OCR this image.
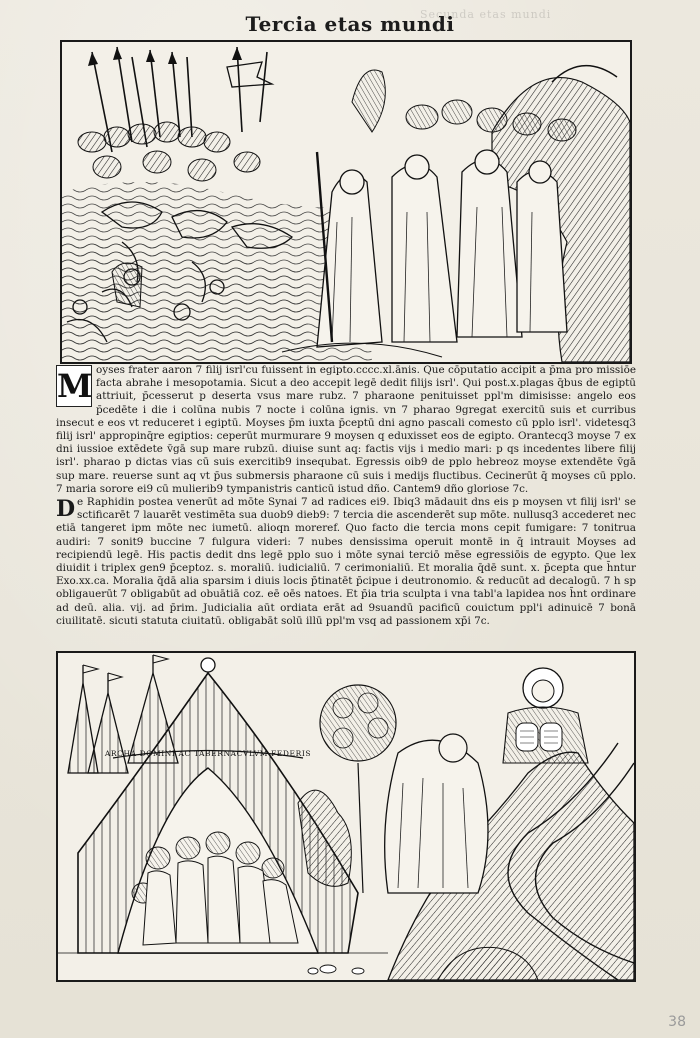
Secunda etas mundi
Tercia etas mundi

M oyses frater aaron 7 filij isrl'cu fuissent in egipto.cccc.xl.ānis. Que cōputatio accipit a p̄ma pro missiōe facta abrahe i mesopotamia. Sicut a deo accepit legē dedit filijs isrl'. Qui post.x.plagas q̄bus de egiptū attriuit, p̄cesserut p deserta vsus mare rubz. 7 pharaone penituisset ppl'm dimisisse: angelo eos p̄cedēte i die i colūna nubis 7 nocte i colūna ignis. vn 7 pharao 9gregat exercitū suis et curribus insecut e eos vt reduceret i egiptū. Moyses p̄m iuxta p̄ceptū dni agno pascali comesto cū pplo isrl'. videtesq3 filij isrl' appropinq̄re egiptios: ceperūt murmurare 9 moysen q eduxisset eos de egipto. Orantecq3 moyse 7 ex dni iussioe extēdete v̄gā sup mare rubzū. diuise sunt aq: factis vijs i medio mari: p qs incedentes libere filij isrl'. pharao p dictas vias cū suis exercitib9 insequbat. Egressis oib9 de pplo hebreoz moyse extendēte v̄gā sup mare. reuerse sunt aq vt p̄us submersis pharaone cū suis i medijs fluctibus. Cecinerūt q̄ moyses cū pplo. 7 maria sorore ei9 cū mulierib9 tympanistris canticū istud dño. Cantem9 dño gloriose 7c.

D e Raphidin postea venerūt ad mōte Synai 7 ad radices ei9. Ibiq3 mādauit dns eis p moysen vt filij isrl' se sctificarēt 7 lauarēt vestimēta sua duob9 dieb9: 7 tercia die ascenderēt sup mōte. nullusq3 accederet nec etiā tangeret ipm mōte nec iumetū. alioqn moreref. Quo facto die tercia mons cepit fumigare: 7 tonitrua audiri: 7 sonit9 buccine 7 fulgura videri: 7 nubes densissima operuit montē in q̄ intrauit Moyses ad recipiendū legē. His pactis dedit dns legē pplo suo i mōte synai terciō mēse egressiōis de egypto. Que lex diuidit i triplex gen9 p̄ceptoz. s. moraliū. iudicialiū. 7 cerimonialiū. Et moralia q̄dē sunt. x. p̄cepta que h̄ntur Exo.xx.ca. Moralia q̄dā alia sparsim i diuis locis p̄tinatēt p̄cipue i deutronomio. & reducūt ad decalogū. 7 h sp obligauerūt 7 obligabūt ad obuātiā coz. eē oēs natoes. Et p̄ia tria sculpta i vna tabl'a lapidea nos h̄nt ordinare ad deū. alia. vij. ad p̄rim. Judicialia aūt ordiata erāt ad 9suandū pacificū couictum ppl'i adinuicē 7 bonā ciuilitatē. sicuti statuta ciuitatū. obligabāt solū illū ppl'm vsq ad passionem xp̄i 7c.

ARCHA DOMINI AC TABERNACVLVM FEDERIS
38
